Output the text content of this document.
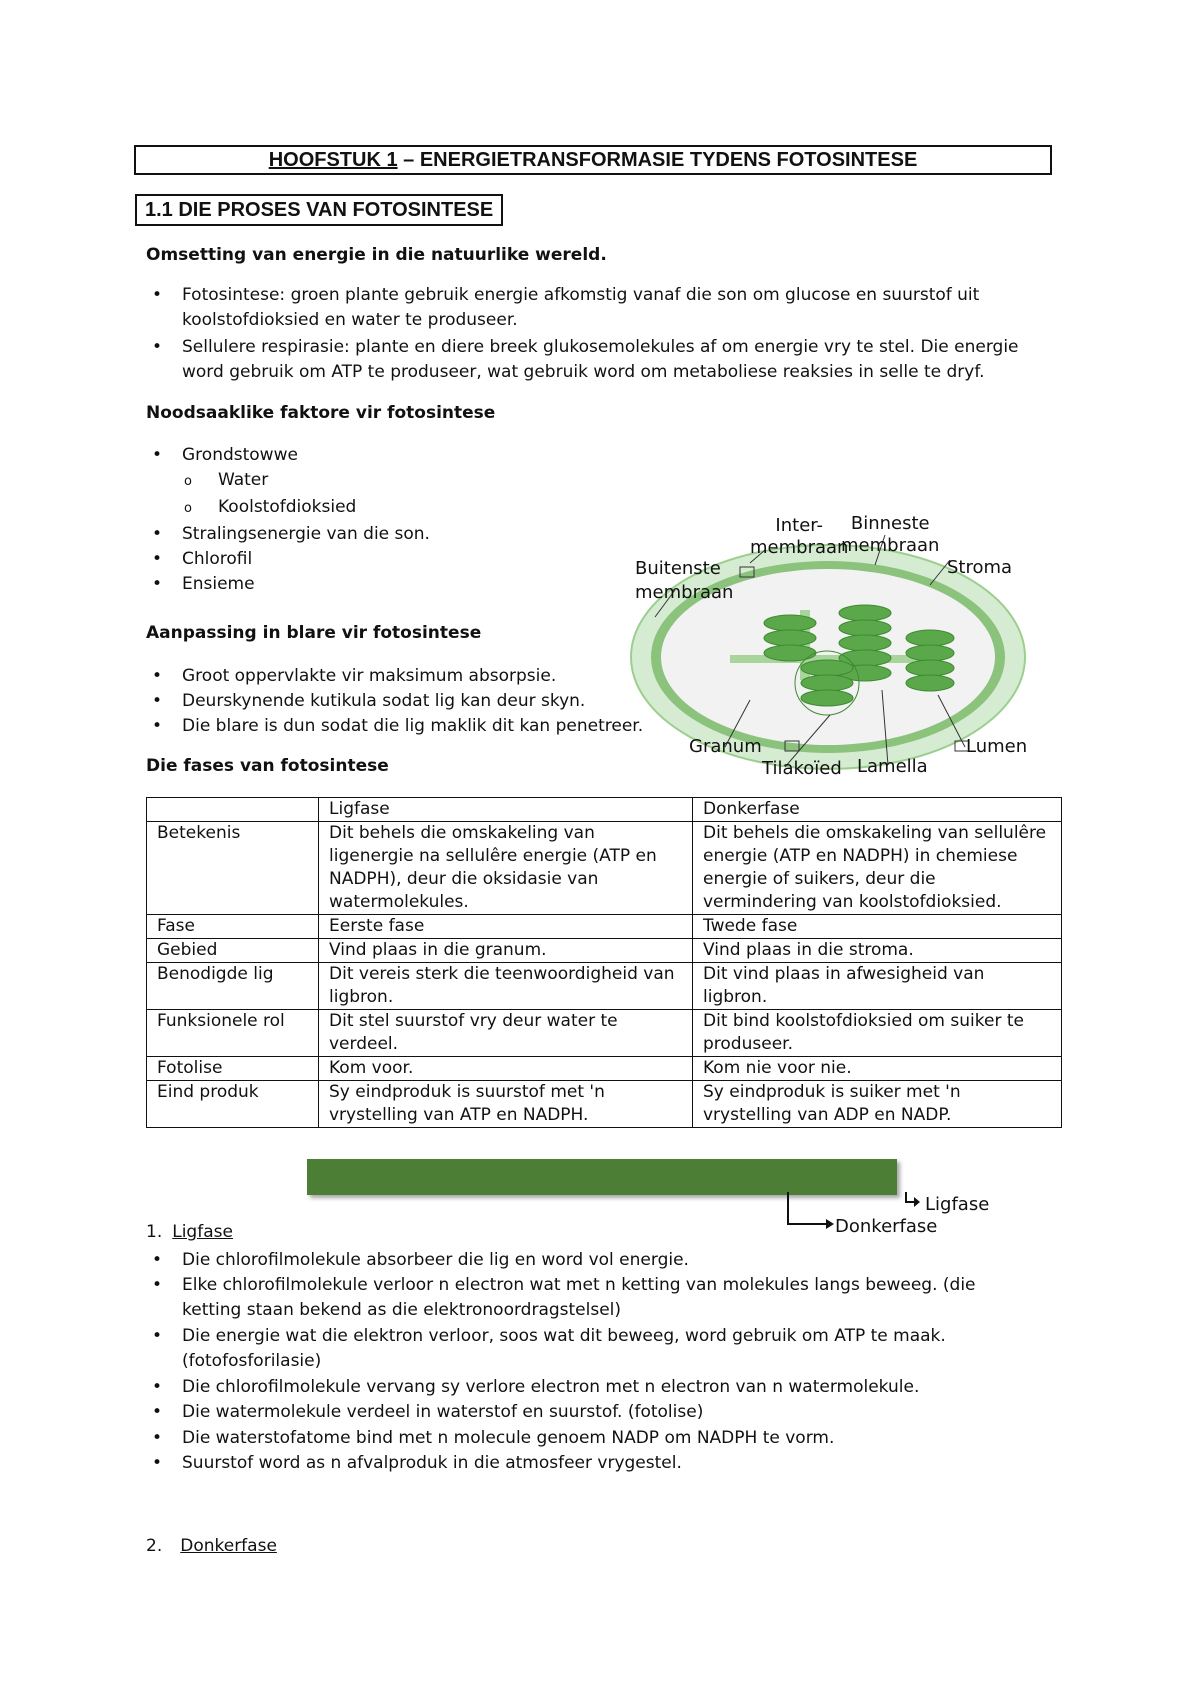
HOOFSTUK 1 – ENERGIETRANSFORMASIE TYDENS FOTOSINTESE
1.1 DIE PROSES VAN FOTOSINTESE
Omsetting van energie in die natuurlike wereld.
• Fotosintese: groen plante gebruik energie afkomstig vanaf die son om glucose en suurstof uit koolstofdioksied en water te produseer.
• Sellulere respirasie: plante en diere breek glukosemolekules af om energie vry te stel. Die energie word gebruik om ATP te produseer, wat gebruik word om metaboliese reaksies in selle te dryf.
Noodsaaklike faktore vir fotosintese
• Grondstowwe
o Water
o Koolstofdioksied
• Stralingsenergie van die son.
• Chlorofil
• Ensieme
Aanpassing in blare vir fotosintese
• Groot oppervlakte vir maksimum absorpsie.
• Deurskynende kutikula sodat lig kan deur skyn.
• Die blare is dun sodat die lig maklik dit kan penetreer.
Inter-
membraan
Binneste
membraan
Stroma
Buitenste
membraan
Granum	Lumen
Tilakoïed Lamella
Die fases van fotosintese
	Ligfase	Donkerfase
Betekenis	Dit behels die omskakeling van ligenergie na sellulêre energie (ATP en NADPH), deur die oksidasie van watermolekules.	Dit behels die omskakeling van sellulêre energie (ATP en NADPH) in chemiese energie of suikers, deur die vermindering van koolstofdioksied.
Fase	Eerste fase	Twede fase
Gebied	Vind plaas in die granum.	Vind plaas in die stroma.
Benodigde lig	Dit vereis sterk die teenwoordigheid van ligbron.	Dit vind plaas in afwesigheid van ligbron.
Funksionele rol	Dit stel suurstof vry deur water te verdeel.	Dit bind koolstofdioksied om suiker te produseer.
Fotolise	Kom voor.	Kom nie voor nie.
Eind produk	Sy eindproduk is suurstof met 'n vrystelling van ATP en NADPH.	Sy eindproduk is suiker met 'n vrystelling van ADP en NADP.
Ligfase
Donkerfase
1. Ligfase
• Die chlorofilmolekule absorbeer die lig en word vol energie.
• Elke chlorofilmolekule verloor n electron wat met n ketting van molekules langs beweeg. (die ketting staan bekend as die elektronoordragstelsel)
• Die energie wat die elektron verloor, soos wat dit beweeg, word gebruik om ATP te maak. (fotofosforilasie)
• Die chlorofilmolekule vervang sy verlore electron met n electron van n watermolekule.
• Die watermolekule verdeel in waterstof en suurstof. (fotolise)
• Die waterstofatome bind met n molecule genoem NADP om NADPH te vorm.
• Suurstof word as n afvalproduk in die atmosfeer vrygestel.
2. Donkerfase
